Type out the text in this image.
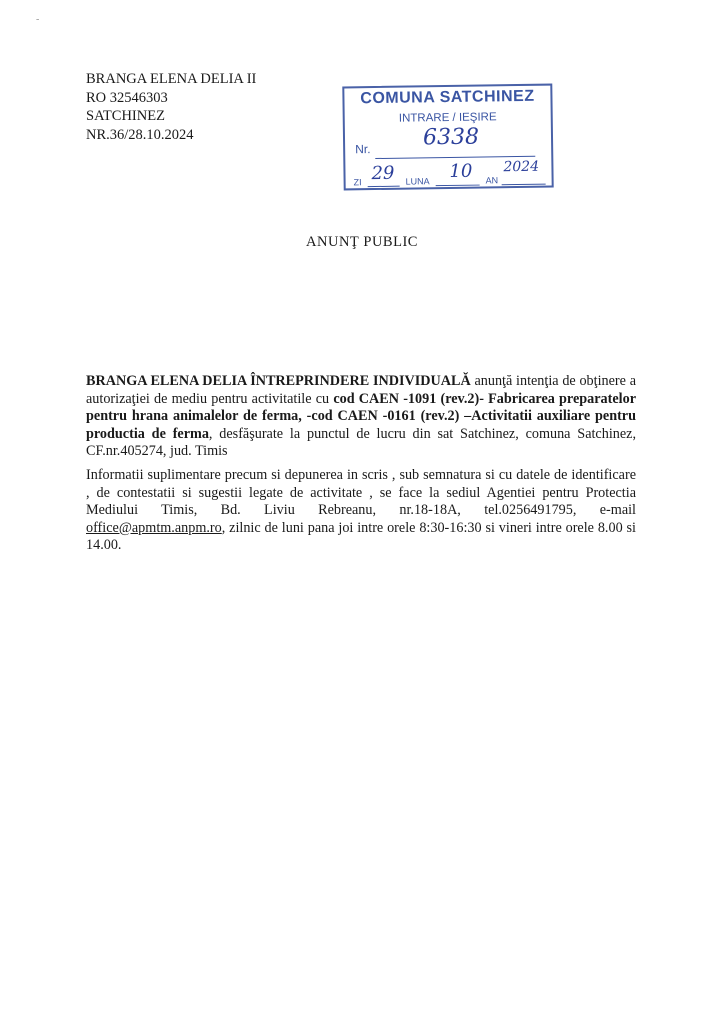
-
BRANGA ELENA DELIA II
RO 32546303
SATCHINEZ
NR.36/28.10.2024
COMUNA SATCHINEZ
INTRARE / IEŞIRE
Nr. 6338
ZI 29 LUNA 10 AN
2024
ANUNŢ PUBLIC
BRANGA ELENA DELIA ÎNTREPRINDERE INDIVIDUALĂ anunţă intenţia de obţinere a autorizaţiei de mediu pentru activitatile cu cod CAEN -1091 (rev.2)- Fabricarea preparatelor pentru hrana animalelor de ferma, -cod CAEN -0161 (rev.2) –Activitatii auxiliare pentru productia de ferma, desfăşurate la punctul de lucru din sat Satchinez, comuna Satchinez, CF.nr.405274, jud. Timis
Informatii suplimentare precum si depunerea in scris , sub semnatura si cu datele de identificare , de contestatii si sugestii legate de activitate , se face la sediul Agentiei pentru Protectia Mediului Timis, Bd. Liviu Rebreanu, nr.18-18A, tel.0256491795, e-mail office@apmtm.anpm.ro, zilnic de luni pana joi intre orele 8:30-16:30 si vineri intre orele 8.00 si 14.00.
